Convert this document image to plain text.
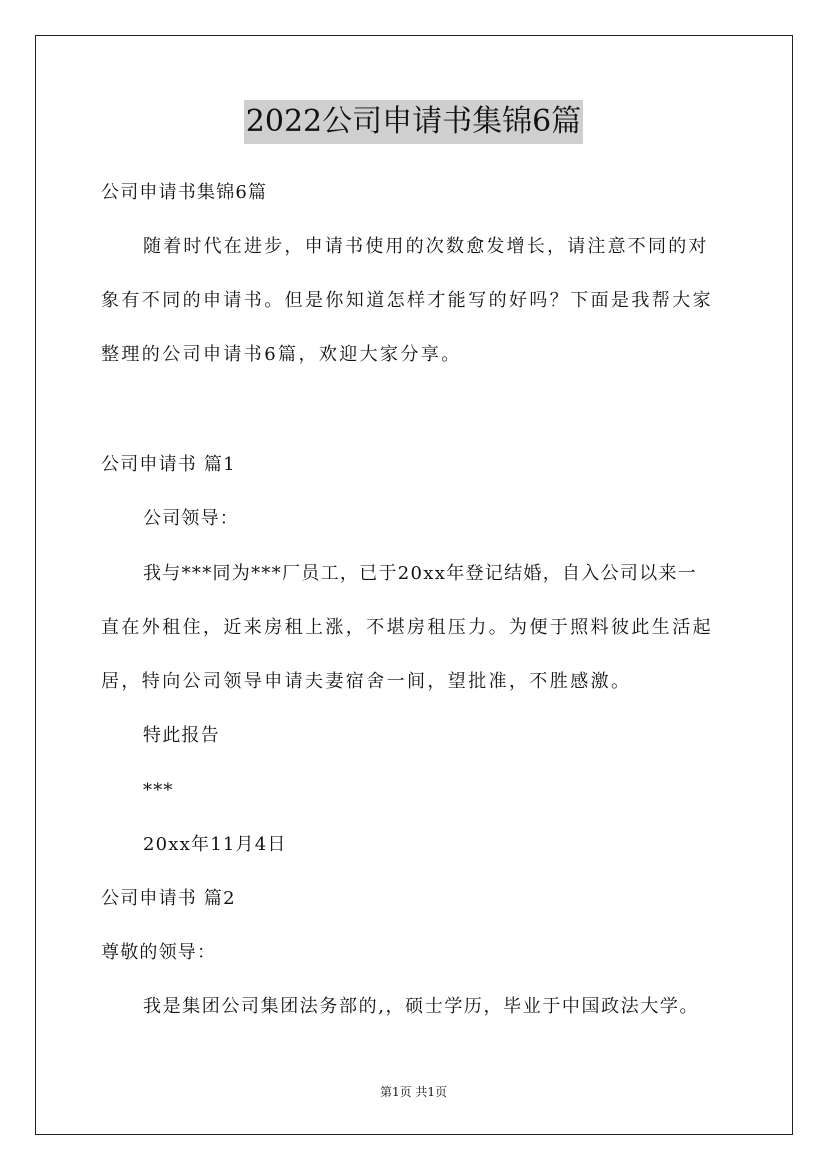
2022公司申请书集锦6篇
公司申请书集锦6篇
随着时代在进步，申请书使用的次数愈发增长，请注意不同的对
象有不同的申请书。但是你知道怎样才能写的好吗？下面是我帮大家
整理的公司申请书6篇，欢迎大家分享。
公司申请书 篇1
公司领导：
我与***同为***厂员工，已于20xx年登记结婚，自入公司以来一
直在外租住，近来房租上涨，不堪房租压力。为便于照料彼此生活起
居，特向公司领导申请夫妻宿舍一间，望批准，不胜感激。
特此报告
***
20xx年11月4日
公司申请书 篇2
尊敬的领导：
我是集团公司集团法务部的,，硕士学历，毕业于中国政法大学。
第1页 共1页
